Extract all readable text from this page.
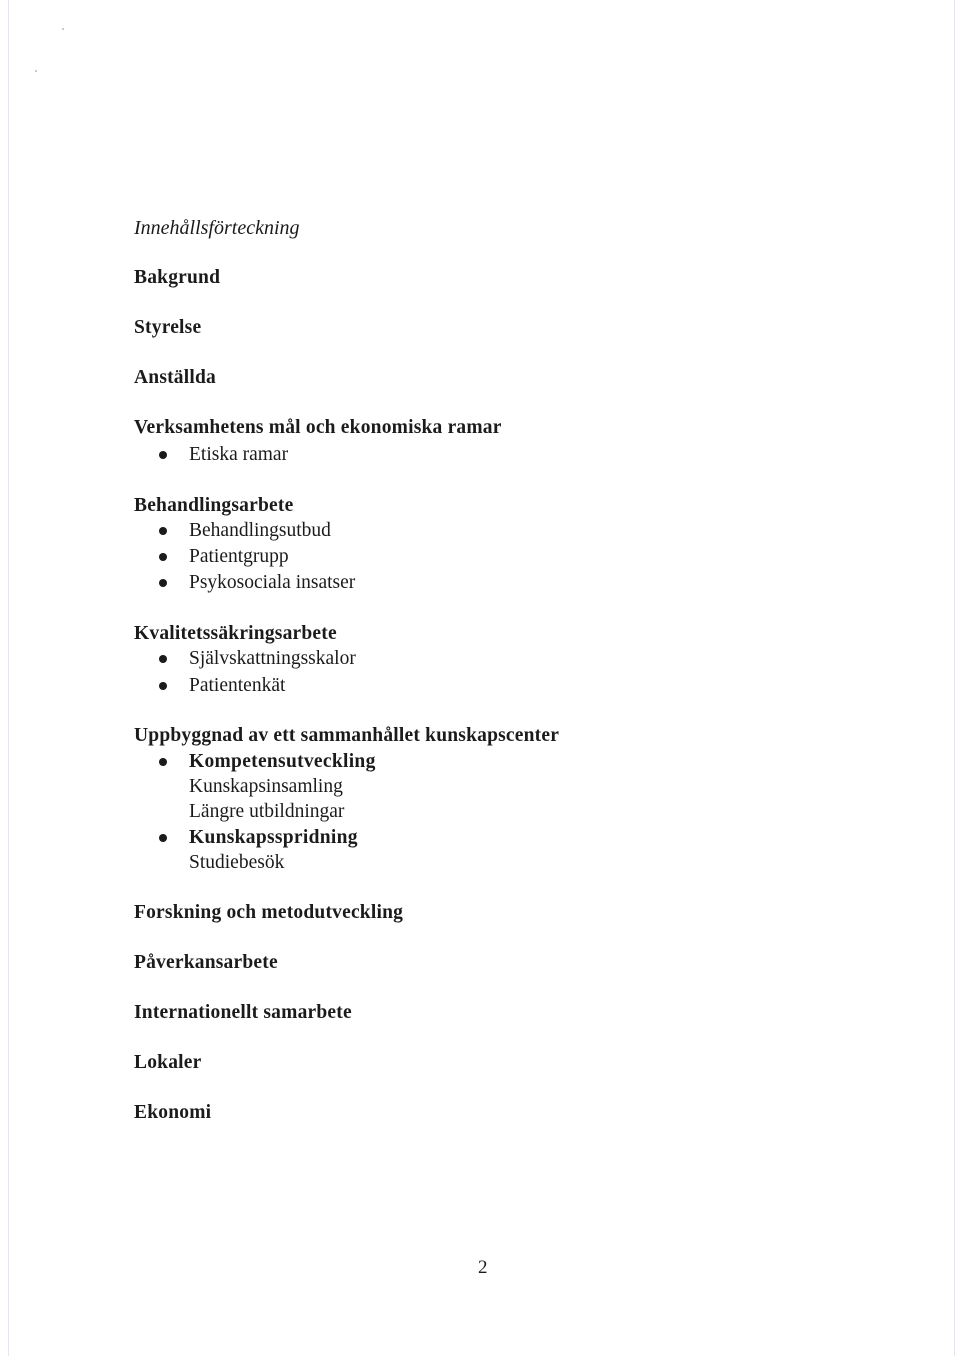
Innehållsförteckning
Bakgrund
Styrelse
Anställda
Verksamhetens mål och ekonomiska ramar
Etiska ramar
Behandlingsarbete
Behandlingsutbud
Patientgrupp
Psykosociala insatser
Kvalitetssäkringsarbete
Självskattningsskalor
Patientenkät
Uppbyggnad av ett sammanhållet kunskapscenter
Kompetensutveckling
Kunskapsinsamling
Längre utbildningar
Kunskapsspridning
Studiebesök
Forskning och metodutveckling
Påverkansarbete
Internationellt samarbete
Lokaler
Ekonomi
2
